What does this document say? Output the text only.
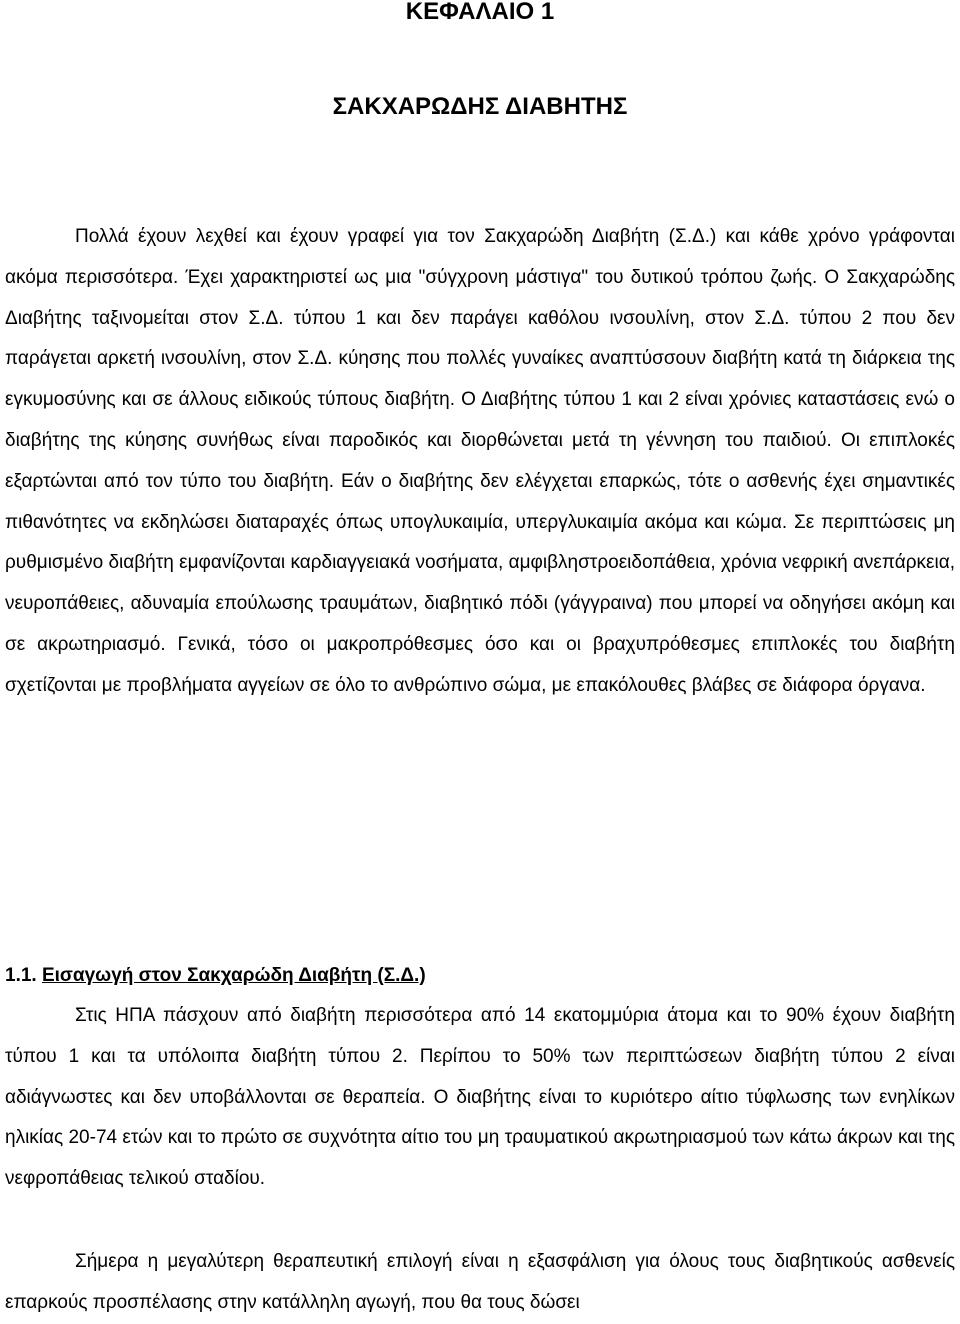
ΚΕΦΑΛΑΙΟ 1
ΣΑΚΧΑΡΩΔΗΣ ΔΙΑΒΗΤΗΣ

Πολλά έχουν λεχθεί και έχουν γραφεί για τον Σακχαρώδη Διαβήτη (Σ.Δ.) και κάθε χρόνο γράφονται ακόμα περισσότερα. Έχει χαρακτηριστεί ως μια "σύγχρονη μάστιγα" του δυτικού τρόπου ζωής. Ο Σακχαρώδης Διαβήτης ταξινομείται στον Σ.Δ. τύπου 1 και δεν παράγει καθόλου ινσουλίνη, στον Σ.Δ. τύπου 2 που δεν παράγεται αρκετή ινσουλίνη, στον Σ.Δ. κύησης που πολλές γυναίκες αναπτύσσουν διαβήτη κατά τη διάρκεια της εγκυμοσύνης και σε άλλους ειδικούς τύπους διαβήτη. Ο Διαβήτης τύπου 1 και 2 είναι χρόνιες καταστάσεις ενώ ο διαβήτης της κύησης συνήθως είναι παροδικός και διορθώνεται μετά τη γέννηση του παιδιού. Οι επιπλοκές εξαρτώνται από τον τύπο του διαβήτη. Εάν ο διαβήτης δεν ελέγχεται επαρκώς, τότε ο ασθενής έχει σημαντικές πιθανότητες να εκδηλώσει διαταραχές όπως υπογλυκαιμία, υπεργλυκαιμία ακόμα και κώμα. Σε περιπτώσεις μη ρυθμισμένο διαβήτη εμφανίζονται καρδιαγγειακά νοσήματα, αμφιβληστροειδοπάθεια, χρόνια νεφρική ανεπάρκεια, νευροπάθειες, αδυναμία επούλωσης τραυμάτων, διαβητικό πόδι (γάγγραινα) που μπορεί να οδηγήσει ακόμη και σε ακρωτηριασμό. Γενικά, τόσο οι μακροπρόθεσμες όσο και οι βραχυπρόθεσμες επιπλοκές του διαβήτη σχετίζονται με προβλήματα αγγείων σε όλο το ανθρώπινο σώμα, με επακόλουθες βλάβες σε διάφορα όργανα.

1.1. Εισαγωγή στον Σακχαρώδη Διαβήτη (Σ.Δ.)

Στις ΗΠΑ πάσχουν από διαβήτη περισσότερα από 14 εκατομμύρια άτομα και το 90% έχουν διαβήτη τύπου 1 και τα υπόλοιπα διαβήτη τύπου 2. Περίπου το 50% των περιπτώσεων διαβήτη τύπου 2 είναι αδιάγνωστες και δεν υποβάλλονται σε θεραπεία. Ο διαβήτης είναι το κυριότερο αίτιο τύφλωσης των ενηλίκων ηλικίας 20-74 ετών και το πρώτο σε συχνότητα αίτιο του μη τραυματικού ακρωτηριασμού των κάτω άκρων και της νεφροπάθειας τελικού σταδίου.

Σήμερα η μεγαλύτερη θεραπευτική επιλογή είναι η εξασφάλιση για όλους τους διαβητικούς ασθενείς επαρκούς προσπέλασης στην κατάλληλη αγωγή, που θα τους δώσει
